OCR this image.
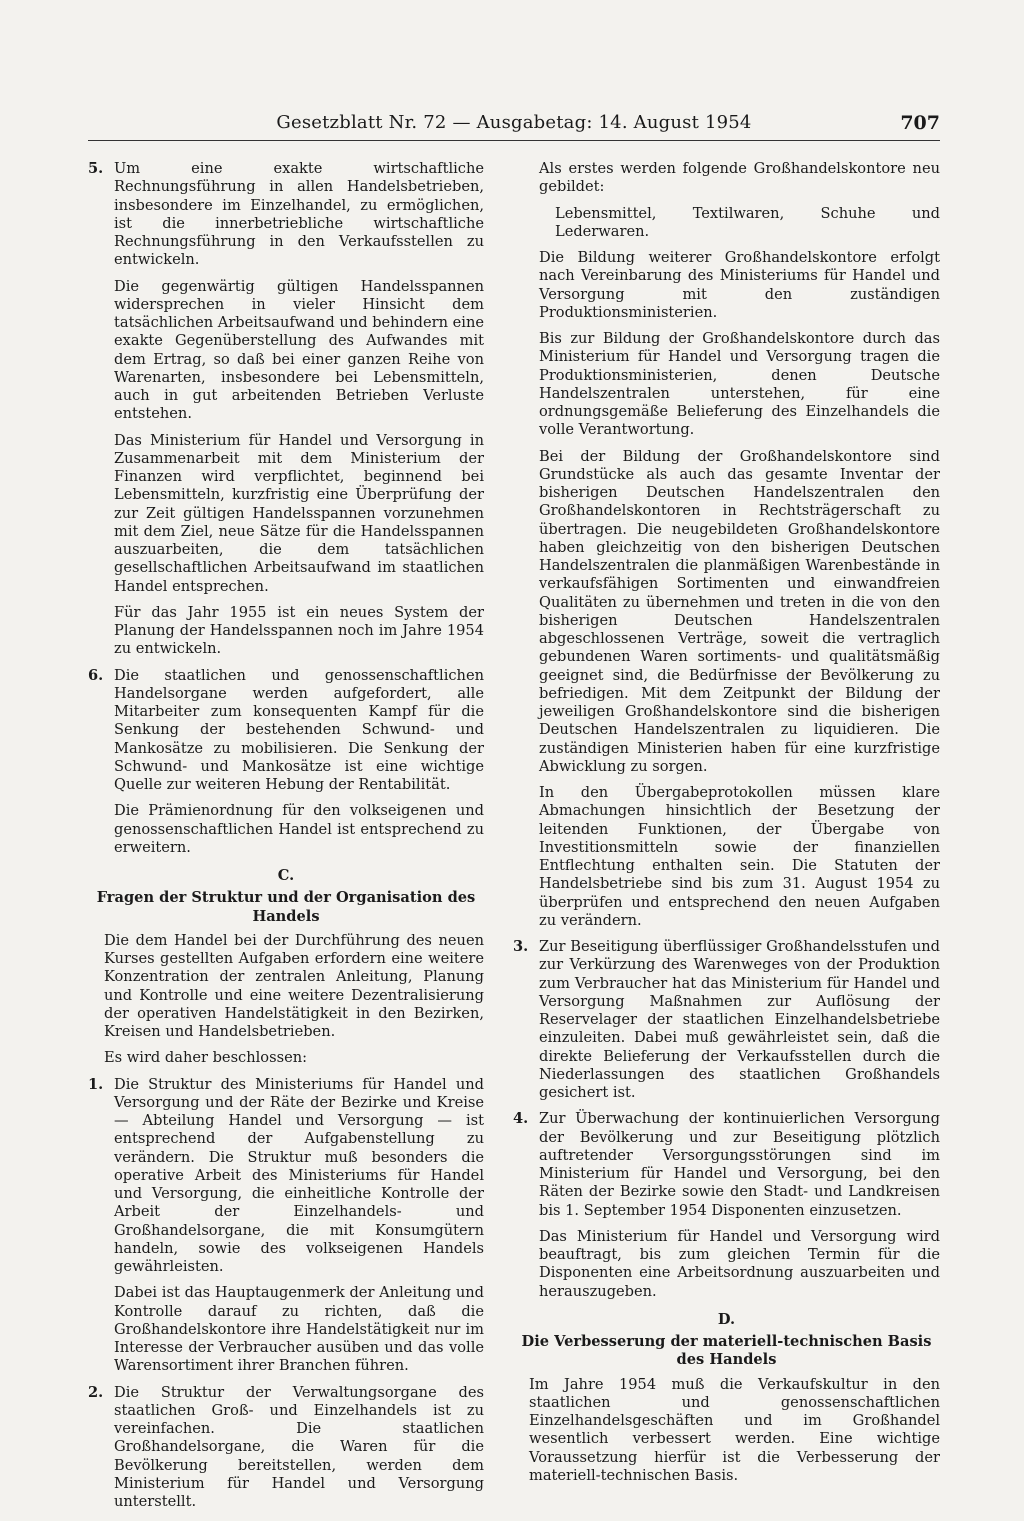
Gesetzblatt Nr. 72 — Ausgabetag: 14. August 1954	707
5. Um eine exakte wirtschaftliche Rechnungsführung in allen Handelsbetrieben, insbesondere im Einzelhandel, zu ermöglichen, ist die innerbetriebliche wirtschaftliche Rechnungsführung in den Verkaufsstellen zu entwickeln.

Die gegenwärtig gültigen Handelsspannen widersprechen in vieler Hinsicht dem tatsächlichen Arbeitsaufwand und behindern eine exakte Gegenüberstellung des Aufwandes mit dem Ertrag, so daß bei einer ganzen Reihe von Warenarten, insbesondere bei Lebensmitteln, auch in gut arbeitenden Betrieben Verluste entstehen.

Das Ministerium für Handel und Versorgung in Zusammenarbeit mit dem Ministerium der Finanzen wird verpflichtet, beginnend bei Lebensmitteln, kurzfristig eine Überprüfung der zur Zeit gültigen Handelsspannen vorzunehmen mit dem Ziel, neue Sätze für die Handelsspannen auszuarbeiten, die dem tatsächlichen gesellschaftlichen Arbeitsaufwand im staatlichen Handel entsprechen.

Für das Jahr 1955 ist ein neues System der Planung der Handelsspannen noch im Jahre 1954 zu entwickeln.

6. Die staatlichen und genossenschaftlichen Handelsorgane werden aufgefordert, alle Mitarbeiter zum konsequenten Kampf für die Senkung der bestehenden Schwund- und Mankosätze zu mobilisieren. Die Senkung der Schwund- und Mankosätze ist eine wichtige Quelle zur weiteren Hebung der Rentabilität.

Die Prämienordnung für den volkseigenen und genossenschaftlichen Handel ist entsprechend zu erweitern.

C.
Fragen der Struktur und der Organisation des Handels

Die dem Handel bei der Durchführung des neuen Kurses gestellten Aufgaben erfordern eine weitere Konzentration der zentralen Anleitung, Planung und Kontrolle und eine weitere Dezentralisierung der operativen Handelstätigkeit in den Bezirken, Kreisen und Handelsbetrieben.

Es wird daher beschlossen:

1. Die Struktur des Ministeriums für Handel und Versorgung und der Räte der Bezirke und Kreise — Abteilung Handel und Versorgung — ist entsprechend der Aufgabenstellung zu verändern. Die Struktur muß besonders die operative Arbeit des Ministeriums für Handel und Versorgung, die einheitliche Kontrolle der Arbeit der Einzelhandels- und Großhandelsorgane, die mit Konsumgütern handeln, sowie des volkseigenen Handels gewährleisten.

Dabei ist das Hauptaugenmerk der Anleitung und Kontrolle darauf zu richten, daß die Großhandelskontore ihre Handelstätigkeit nur im Interesse der Verbraucher ausüben und das volle Warensortiment ihrer Branchen führen.

2. Die Struktur der Verwaltungsorgane des staatlichen Groß- und Einzelhandels ist zu vereinfachen. Die staatlichen Großhandelsorgane, die Waren für die Bevölkerung bereitstellen, werden dem Ministerium für Handel und Versorgung unterstellt.

Als erstes werden folgende Großhandelskontore neu gebildet:

Lebensmittel, Textilwaren, Schuhe und Lederwaren.

Die Bildung weiterer Großhandelskontore erfolgt nach Vereinbarung des Ministeriums für Handel und Versorgung mit den zuständigen Produktionsministerien.

Bis zur Bildung der Großhandelskontore durch das Ministerium für Handel und Versorgung tragen die Produktionsministerien, denen Deutsche Handelszentralen unterstehen, für eine ordnungsgemäße Belieferung des Einzelhandels die volle Verantwortung.

Bei der Bildung der Großhandelskontore sind Grundstücke als auch das gesamte Inventar der bisherigen Deutschen Handelszentralen den Großhandelskontoren in Rechtsträgerschaft zu übertragen. Die neugebildeten Großhandelskontore haben gleichzeitig von den bisherigen Deutschen Handelszentralen die planmäßigen Warenbestände in verkaufsfähigen Sortimenten und einwandfreien Qualitäten zu übernehmen und treten in die von den bisherigen Deutschen Handelszentralen abgeschlossenen Verträge, soweit die vertraglich gebundenen Waren sortiments- und qualitätsmäßig geeignet sind, die Bedürfnisse der Bevölkerung zu befriedigen. Mit dem Zeitpunkt der Bildung der jeweiligen Großhandelskontore sind die bisherigen Deutschen Handelszentralen zu liquidieren. Die zuständigen Ministerien haben für eine kurzfristige Abwicklung zu sorgen.

In den Übergabeprotokollen müssen klare Abmachungen hinsichtlich der Besetzung der leitenden Funktionen, der Übergabe von Investitionsmitteln sowie der finanziellen Entflechtung enthalten sein. Die Statuten der Handelsbetriebe sind bis zum 31. August 1954 zu überprüfen und entsprechend den neuen Aufgaben zu verändern.

3. Zur Beseitigung überflüssiger Großhandelsstufen und zur Verkürzung des Warenweges von der Produktion zum Verbraucher hat das Ministerium für Handel und Versorgung Maßnahmen zur Auflösung der Reservelager der staatlichen Einzelhandelsbetriebe einzuleiten. Dabei muß gewährleistet sein, daß die direkte Belieferung der Verkaufsstellen durch die Niederlassungen des staatlichen Großhandels gesichert ist.

4. Zur Überwachung der kontinuierlichen Versorgung der Bevölkerung und zur Beseitigung plötzlich auftretender Versorgungsstörungen sind im Ministerium für Handel und Versorgung, bei den Räten der Bezirke sowie den Stadt- und Landkreisen bis 1. September 1954 Disponenten einzusetzen.

Das Ministerium für Handel und Versorgung wird beauftragt, bis zum gleichen Termin für die Disponenten eine Arbeitsordnung auszuarbeiten und herauszugeben.

D.
Die Verbesserung der materiell-technischen Basis des Handels

Im Jahre 1954 muß die Verkaufskultur in den staatlichen und genossenschaftlichen Einzelhandelsgeschäften und im Großhandel wesentlich verbessert werden. Eine wichtige Voraussetzung hierfür ist die Verbesserung der materiell-technischen Basis.
